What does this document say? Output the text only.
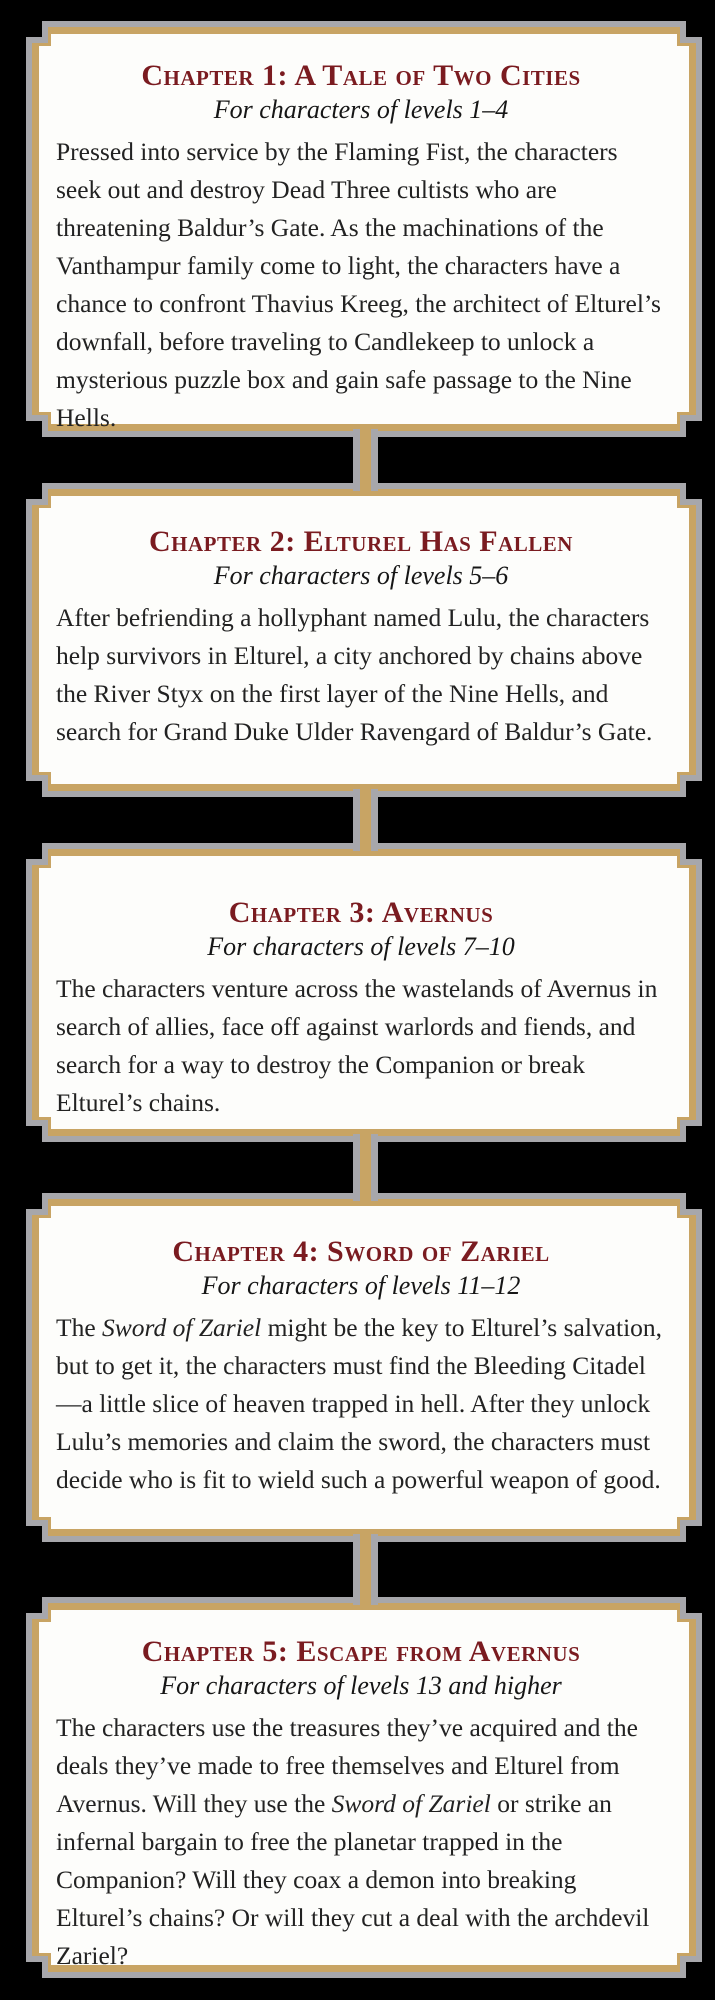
Chapter 1: A Tale of Two Cities
For characters of levels 1–4

Pressed into service by the Flaming Fist, the characters seek out and destroy Dead Three cultists who are threatening Baldur’s Gate. As the machinations of the Vanthampur family come to light, the characters have a chance to confront Thavius Kreeg, the architect of Elturel’s downfall, before traveling to Candlekeep to unlock a mysterious puzzle box and gain safe passage to the Nine Hells.

Chapter 2: Elturel Has Fallen
For characters of levels 5–6

After befriending a hollyphant named Lulu, the characters help survivors in Elturel, a city anchored by chains above the River Styx on the first layer of the Nine Hells, and search for Grand Duke Ulder Ravengard of Baldur’s Gate.

Chapter 3: Avernus
For characters of levels 7–10

The characters venture across the wastelands of Avernus in search of allies, face off against warlords and fiends, and search for a way to destroy the Companion or break Elturel’s chains.

Chapter 4: Sword of Zariel
For characters of levels 11–12

The Sword of Zariel might be the key to Elturel’s salvation, but to get it, the characters must find the Bleeding Citadel—a little slice of heaven trapped in hell. After they unlock Lulu’s memories and claim the sword, the characters must decide who is fit to wield such a powerful weapon of good.

Chapter 5: Escape from Avernus
For characters of levels 13 and higher

The characters use the treasures they’ve acquired and the deals they’ve made to free themselves and Elturel from Avernus. Will they use the Sword of Zariel or strike an infernal bargain to free the planetar trapped in the Companion? Will they coax a demon into breaking Elturel’s chains? Or will they cut a deal with the archdevil Zariel?
